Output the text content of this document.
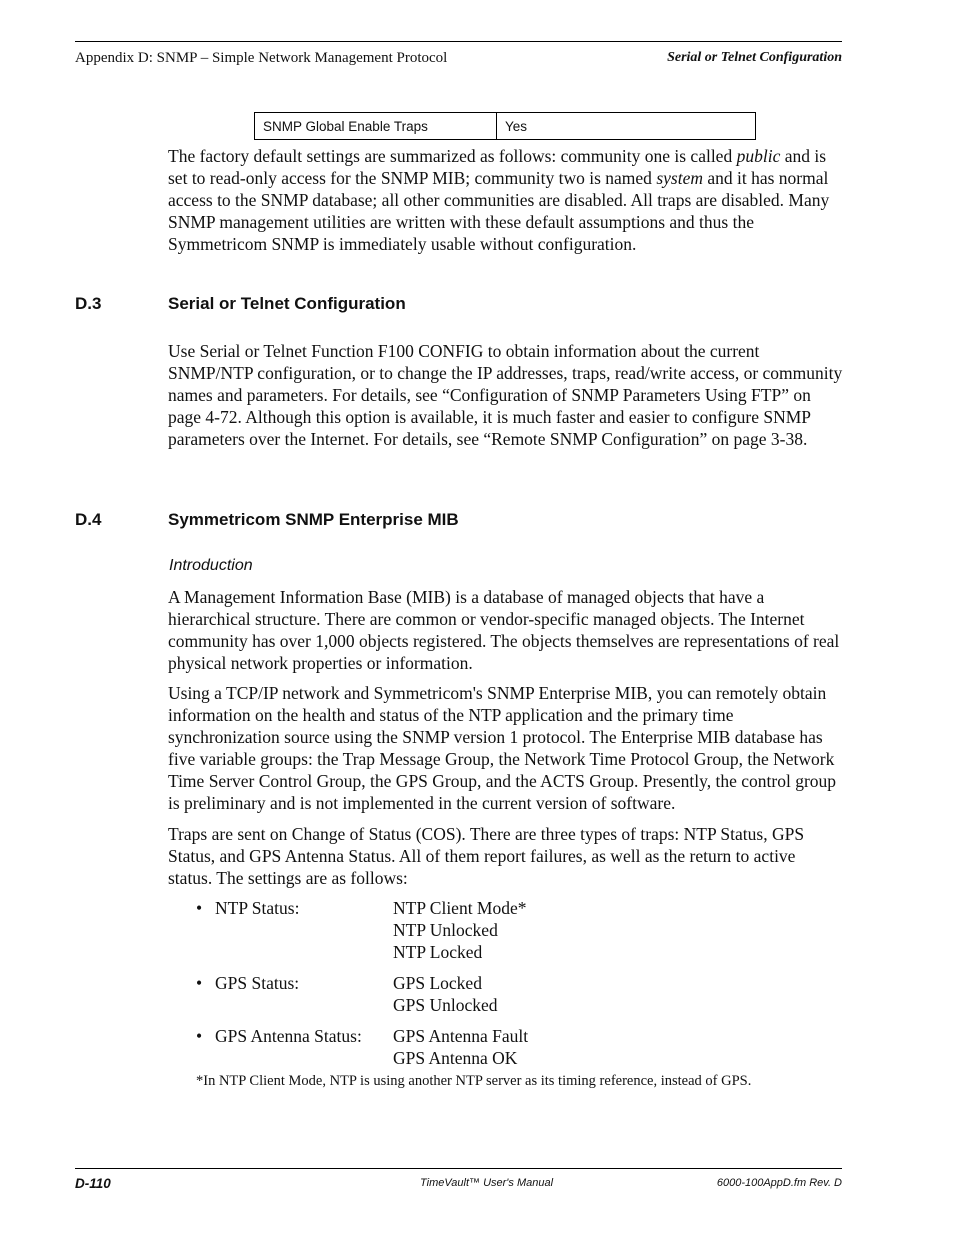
Appendix D: SNMP – Simple Network Management Protocol	Serial or Telnet Configuration
SNMP Global Enable Traps	Yes

The factory default settings are summarized as follows: community one is called public and is set to read-only access for the SNMP MIB; community two is named system and it has normal access to the SNMP database; all other communities are disabled. All traps are disabled. Many SNMP management utilities are written with these default assumptions and thus the Symmetricom SNMP is immediately usable without configuration.

D.3	Serial or Telnet Configuration

Use Serial or Telnet Function F100 CONFIG to obtain information about the current SNMP/NTP configuration, or to change the IP addresses, traps, read/write access, or community names and parameters. For details, see “Configuration of SNMP Parameters Using FTP” on page 4-72. Although this option is available, it is much faster and easier to configure SNMP parameters over the Internet. For details, see “Remote SNMP Configuration” on page 3-38.

D.4	Symmetricom SNMP Enterprise MIB
Introduction

A Management Information Base (MIB) is a database of managed objects that have a hierarchical structure. There are common or vendor-specific managed objects. The Internet community has over 1,000 objects registered. The objects themselves are representations of real physical network properties or information.

Using a TCP/IP network and Symmetricom's SNMP Enterprise MIB, you can remotely obtain information on the health and status of the NTP application and the primary time synchronization source using the SNMP version 1 protocol. The Enterprise MIB database has five variable groups: the Trap Message Group, the Network Time Protocol Group, the Network Time Server Control Group, the GPS Group, and the ACTS Group. Presently, the control group is preliminary and is not implemented in the current version of software.

Traps are sent on Change of Status (COS). There are three types of traps: NTP Status, GPS Status, and GPS Antenna Status. All of them report failures, as well as the return to active status. The settings are as follows:

• NTP Status:	NTP Client Mode*
NTP Unlocked
NTP Locked
• GPS Status:	GPS Locked
GPS Unlocked
• GPS Antenna Status: GPS Antenna Fault
GPS Antenna OK
*In NTP Client Mode, NTP is using another NTP server as its timing reference, instead of GPS.
D-110	TimeVault™ User's Manual	6000-100AppD.fm Rev. D
